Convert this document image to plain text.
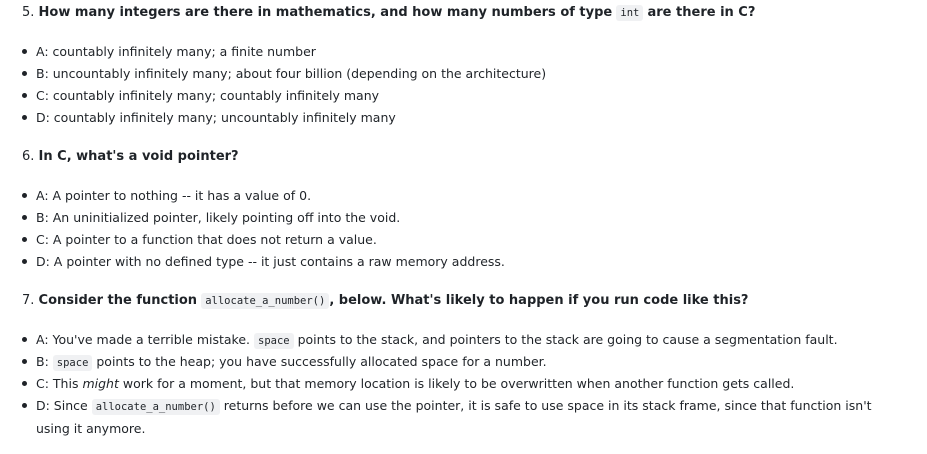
5. How many integers are there in mathematics, and how many numbers of type int are there in C?
A: countably infinitely many; a finite number
B: uncountably infinitely many; about four billion (depending on the architecture)
C: countably infinitely many; countably infinitely many
D: countably infinitely many; uncountably infinitely many
6. In C, what's a void pointer?
A: A pointer to nothing -- it has a value of 0.
B: An uninitialized pointer, likely pointing off into the void.
C: A pointer to a function that does not return a value.
D: A pointer with no defined type -- it just contains a raw memory address.
7. Consider the function allocate_a_number() , below. What's likely to happen if you run code like this?
A: You've made a terrible mistake. space points to the stack, and pointers to the stack are going to cause a segmentation fault.
B: space points to the heap; you have successfully allocated space for a number.
C: This might work for a moment, but that memory location is likely to be overwritten when another function gets called.
D: Since allocate_a_number() returns before we can use the pointer, it is safe to use space in its stack frame, since that function isn't using it anymore.
